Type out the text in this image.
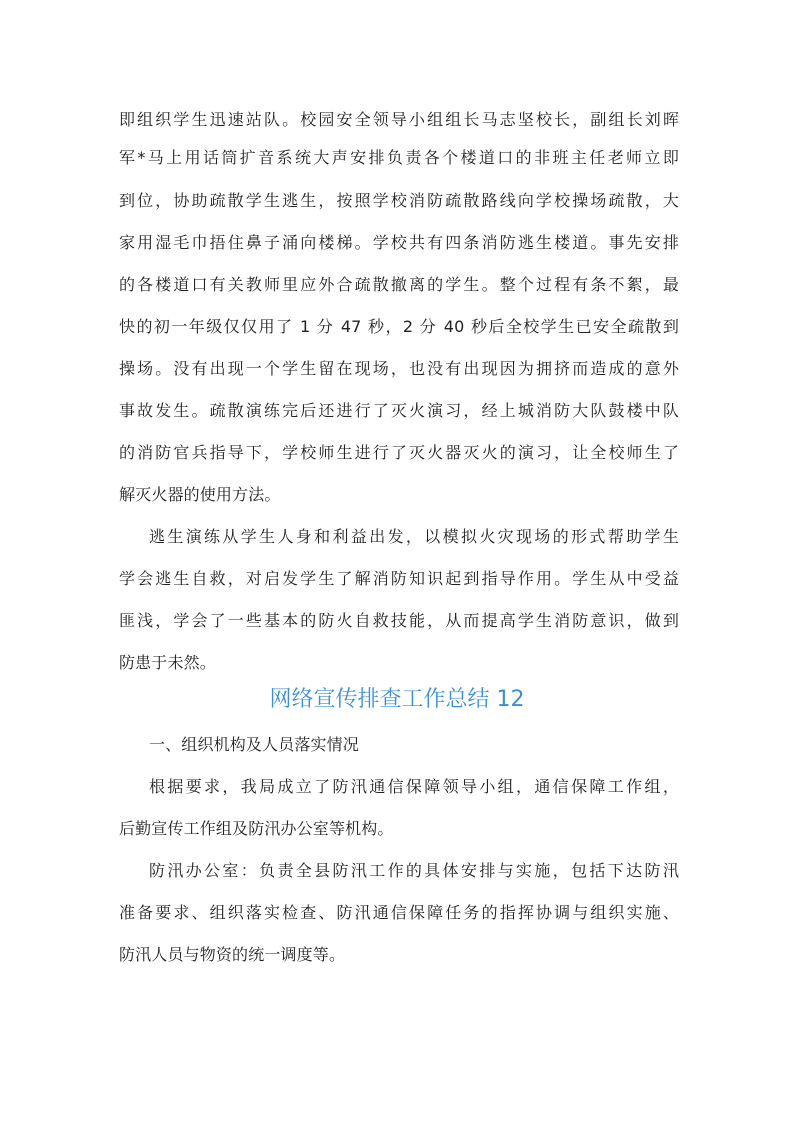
即组织学生迅速站队。校园安全领导小组组长马志坚校长，副组长刘晖
军*马上用话筒扩音系统大声安排负责各个楼道口的非班主任老师立即
到位，协助疏散学生逃生，按照学校消防疏散路线向学校操场疏散，大
家用湿毛巾捂住鼻子涌向楼梯。学校共有四条消防逃生楼道。事先安排
的各楼道口有关教师里应外合疏散撤离的学生。整个过程有条不絮，最
快的初一年级仅仅用了 1 分 47 秒，2 分 40 秒后全校学生已安全疏散到
操场。没有出现一个学生留在现场，也没有出现因为拥挤而造成的意外
事故发生。疏散演练完后还进行了灭火演习，经上城消防大队鼓楼中队
的消防官兵指导下，学校师生进行了灭火器灭火的演习，让全校师生了
解灭火器的使用方法。
逃生演练从学生人身和利益出发，以模拟火灾现场的形式帮助学生
学会逃生自救，对启发学生了解消防知识起到指导作用。学生从中受益
匪浅，学会了一些基本的防火自救技能，从而提高学生消防意识，做到
防患于未然。
网络宣传排查工作总结 12
一、组织机构及人员落实情况
根据要求，我局成立了防汛通信保障领导小组，通信保障工作组，
后勤宣传工作组及防汛办公室等机构。
防汛办公室：负责全县防汛工作的具体安排与实施，包括下达防汛
准备要求、组织落实检查、防汛通信保障任务的指挥协调与组织实施、
防汛人员与物资的统一调度等。
